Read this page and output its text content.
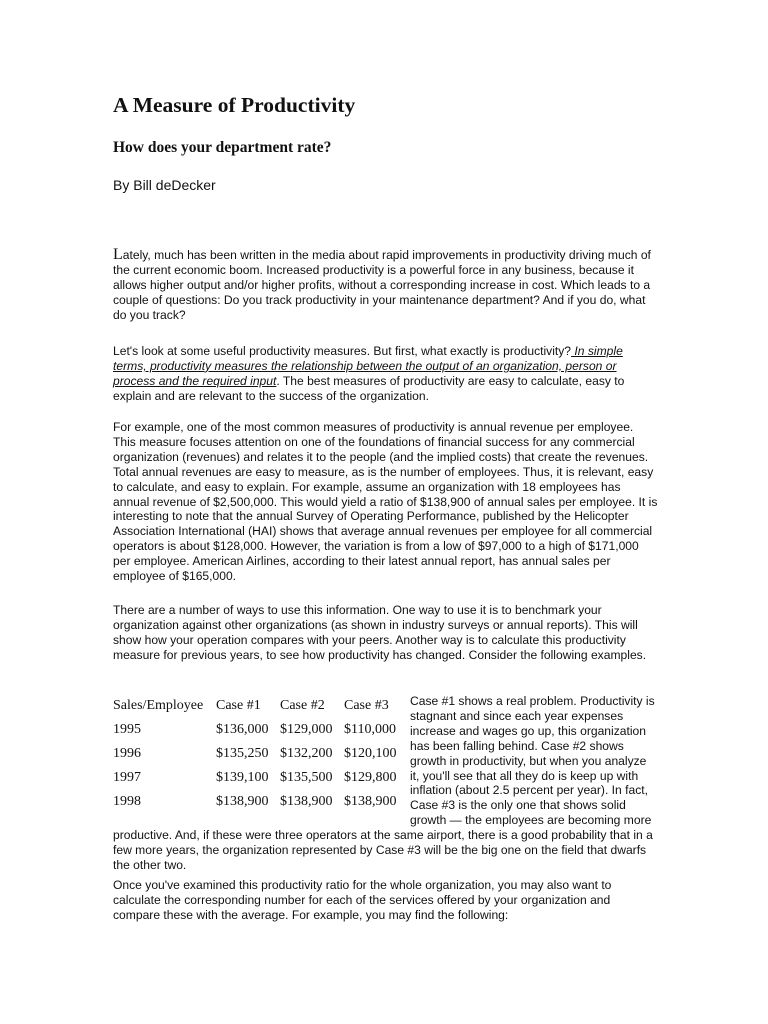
A Measure of Productivity
How does your department rate?

By Bill deDecker

Lately, much has been written in the media about rapid improvements in productivity driving much of the current economic boom. Increased productivity is a powerful force in any business, because it allows higher output and/or higher profits, without a corresponding increase in cost. Which leads to a couple of questions: Do you track productivity in your maintenance department? And if you do, what do you track?

Let's look at some useful productivity measures. But first, what exactly is productivity? In simple terms, productivity measures the relationship between the output of an organization, person or process and the required input. The best measures of productivity are easy to calculate, easy to explain and are relevant to the success of the organization.

For example, one of the most common measures of productivity is annual revenue per employee. This measure focuses attention on one of the foundations of financial success for any commercial organization (revenues) and relates it to the people (and the implied costs) that create the revenues. Total annual revenues are easy to measure, as is the number of employees. Thus, it is relevant, easy to calculate, and easy to explain. For example, assume an organization with 18 employees has annual revenue of $2,500,000. This would yield a ratio of $138,900 of annual sales per employee. It is interesting to note that the annual Survey of Operating Performance, published by the Helicopter Association International (HAI) shows that average annual revenues per employee for all commercial operators is about $128,000. However, the variation is from a low of $97,000 to a high of $171,000 per employee. American Airlines, according to their latest annual report, has annual sales per employee of $165,000.

There are a number of ways to use this information. One way to use it is to benchmark your organization against other organizations (as shown in industry surveys or annual reports). This will show how your operation compares with your peers. Another way is to calculate this productivity measure for previous years, to see how productivity has changed. Consider the following examples.

Sales/Employee	Case #1	Case #2	Case #3
1995	$136,000	$129,000	$110,000
1996	$135,250	$132,200	$120,100
1997	$139,100	$135,500	$129,800
1998	$138,900	$138,900	$138,900

Case #1 shows a real problem. Productivity is stagnant and since each year expenses increase and wages go up, this organization has been falling behind. Case #2 shows growth in productivity, but when you analyze it, you'll see that all they do is keep up with inflation (about 2.5 percent per year). In fact, Case #3 is the only one that shows solid growth — the employees are becoming more productive. And, if these were three operators at the same airport, there is a good probability that in a few more years, the organization represented by Case #3 will be the big one on the field that dwarfs the other two.

Once you've examined this productivity ratio for the whole organization, you may also want to calculate the corresponding number for each of the services offered by your organization and compare these with the average. For example, you may find the following:
